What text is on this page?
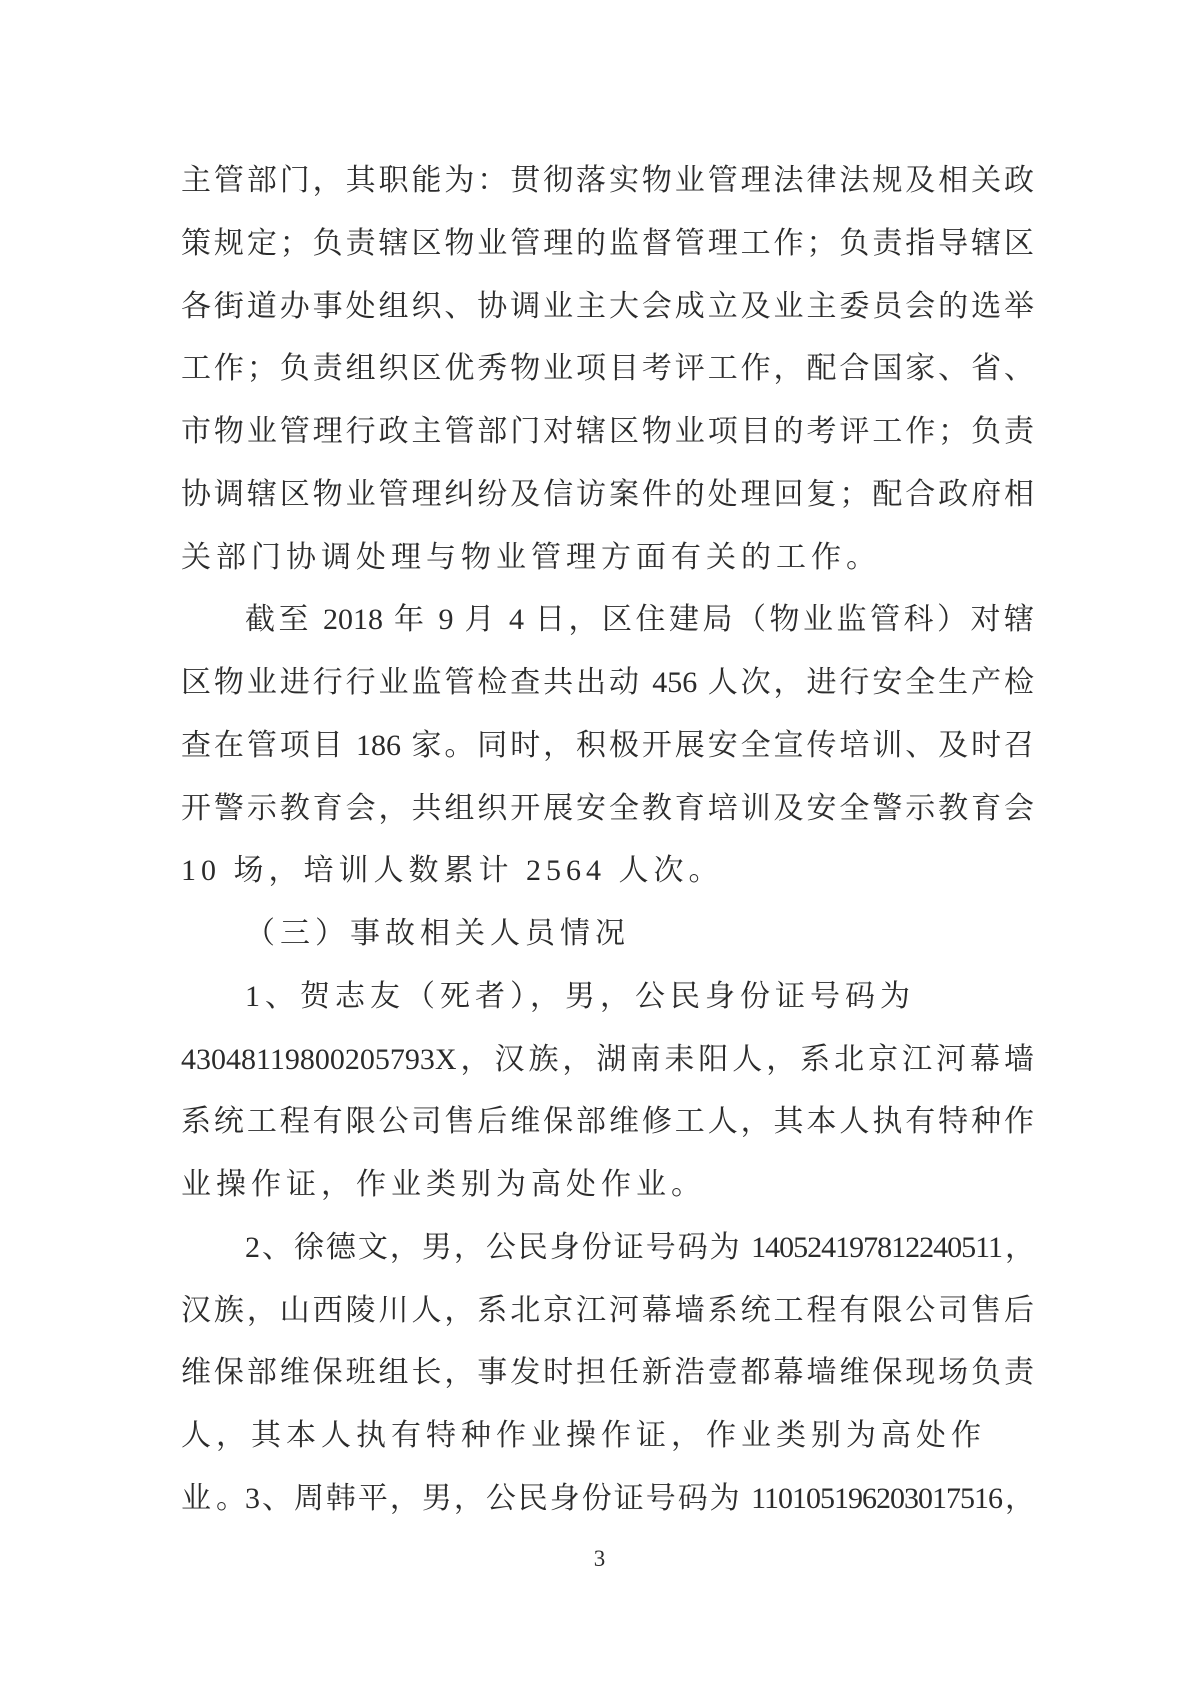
主管部门，其职能为：贯彻落实物业管理法律法规及相关政
策规定；负责辖区物业管理的监督管理工作；负责指导辖区
各街道办事处组织、协调业主大会成立及业主委员会的选举
工作；负责组织区优秀物业项目考评工作，配合国家、省、
市物业管理行政主管部门对辖区物业项目的考评工作；负责
协调辖区物业管理纠纷及信访案件的处理回复；配合政府相
关部门协调处理与物业管理方面有关的工作。
截至 2018 年 9 月 4 日，区住建局（物业监管科）对辖
区物业进行行业监管检查共出动 456 人次，进行安全生产检
查在管项目 186 家。同时，积极开展安全宣传培训、及时召
开警示教育会，共组织开展安全教育培训及安全警示教育会
10 场，培训人数累计 2564 人次。
（三）事故相关人员情况
1、贺志友（死者），男，公民身份证号码为
43048119800205793X，汉族，湖南耒阳人，系北京江河幕墙
系统工程有限公司售后维保部维修工人，其本人执有特种作
业操作证，作业类别为高处作业。
2、徐德文，男，公民身份证号码为 140524197812240511，
汉族，山西陵川人，系北京江河幕墙系统工程有限公司售后
维保部维保班组长，事发时担任新浩壹都幕墙维保现场负责
人，其本人执有特种作业操作证，作业类别为高处作业。
3、周韩平，男，公民身份证号码为 110105196203017516，
3
